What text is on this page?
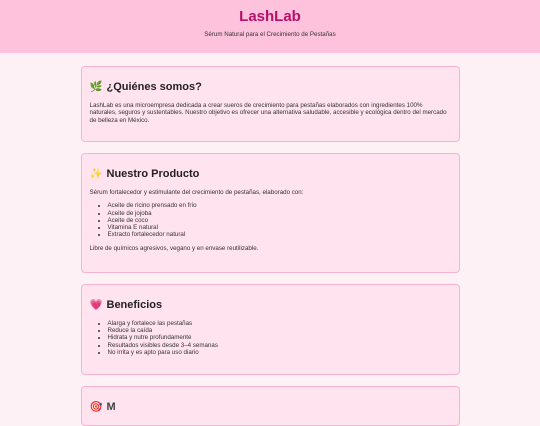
LashLab
Sérum Natural para el Crecimiento de Pestañas
🌿 ¿Quiénes somos?

LashLab es una microempresa dedicada a crear sueros de crecimiento para pestañas elaborados con ingredientes 100% naturales, seguros y sustentables. Nuestro objetivo es ofrecer una alternativa saludable, accesible y ecológica dentro del mercado de belleza en México.

✨ Nuestro Producto

Sérum fortalecedor y estimulante del crecimiento de pestañas, elaborado con:

• Aceite de ricino prensado en frío
• Aceite de jojoba
• Aceite de coco
• Vitamina E natural
• Extracto fortalecedor natural

Libre de químicos agresivos, vegano y en envase reutilizable.

💗 Beneficios
• Alarga y fortalece las pestañas
• Reduce la caída
• Hidrata y nutre profundamente
• Resultados visibles desde 3–4 semanas
• No irrita y es apto para uso diario
🎯 M
